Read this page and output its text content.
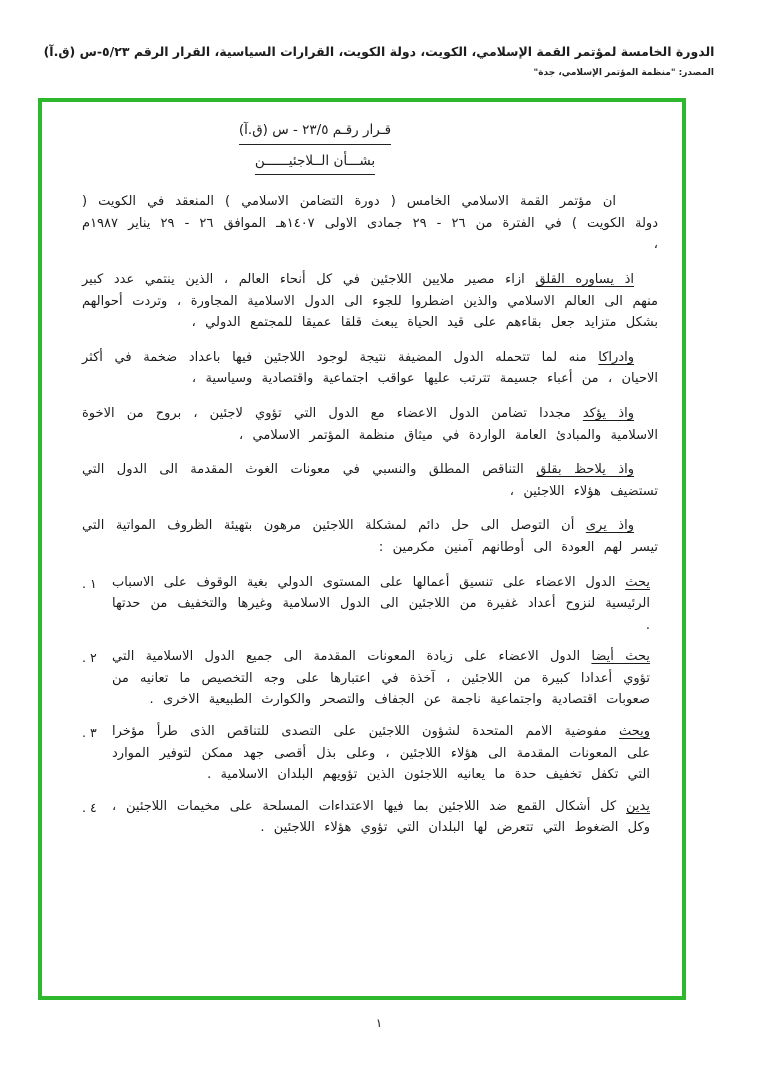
الدورة الخامسة لمؤتمر القمة الإسلامي، الكويت، دولة الكويت، القرارات السياسية، القرار الرقم ٥/٢٣-س (ق.آ)
المصدر: "منظمة المؤتمر الإسلامي، جدة"
قـرار رقـم ٢٣/٥ - س (ق.آ)
بشـــأن الــلاجئيــــــن
ان مؤتمر القمة الاسلامي الخامس ( دورة التضامن الاسلامي ) المنعقد في الكويت ( دولة الكويت ) في الفترة من ٢٦ - ٢٩ جمادى الاولى ١٤٠٧هـ الموافق ٢٦ - ٢٩ يناير ١٩٨٧م ،
اذ يساوره القلق ازاء مصير ملايين اللاجئين في كل أنحاء العالم ، الذين ينتمي عدد كبير منهم الى العالم الاسلامي والذين اضطروا للجوء الى الدول الاسلامية المجاورة ، وتردت أحوالهم بشكل متزايد جعل بقاءهم على قيد الحياة يبعث قلقا عميقا للمجتمع الدولي ،
وادراكا منه لما تتحمله الدول المضيفة نتيجة لوجود اللاجئين فيها باعداد ضخمة في أكثر الاحيان ، من أعباء جسيمة تترتب عليها عواقب اجتماعية واقتصادية وسياسية ،
واذ يؤكد مجددا تضامن الدول الاعضاء مع الدول التي تؤوي لاجئين ، بروح من الاخوة الاسلامية والمبادئ العامة الواردة في ميثاق منظمة المؤتمر الاسلامي ،
واذ يلاحظ بقلق التناقص المطلق والنسبي في معونات الغوث المقدمة الى الدول التي تستضيف هؤلاء اللاجئين ،
واذ يرى أن التوصل الى حل دائم لمشكلة اللاجئين مرهون بتهيئة الظروف المواتية التي تيسر لهم العودة الى أوطانهم آمنين مكرمين :
١ .	يحث الدول الاعضاء على تنسيق أعمالها على المستوى الدولي بغية الوقوف على الاسباب الرئيسية لنزوح أعداد غفيرة من اللاجئين الى الدول الاسلامية وغيرها والتخفيف من حدتها .
٢ .	يحث أيضا الدول الاعضاء على زيادة المعونات المقدمة الى جميع الدول الاسلامية التي تؤوي أعدادا كبيرة من اللاجئين ، آخذة في اعتبارها على وجه التخصيص ما تعانيه من صعوبات اقتصادية واجتماعية ناجمة عن الجفاف والتصحر والكوارث الطبيعية الاخرى .
٣ .	ويحث مفوضية الامم المتحدة لشؤون اللاجئين على التصدى للتناقص الذى طرأ مؤخرا على المعونات المقدمة الى هؤلاء اللاجئين ، وعلى بذل أقصى جهد ممكن لتوفير الموارد التي تكفل تخفيف حدة ما يعانيه اللاجئون الذين تؤويهم البلدان الاسلامية .
٤ .	يدين كل أشكال القمع ضد اللاجئين بما فيها الاعتداءات المسلحة على مخيمات اللاجئين ، وكل الضغوط التي تتعرض لها البلدان التي تؤوي هؤلاء اللاجئين .
١
